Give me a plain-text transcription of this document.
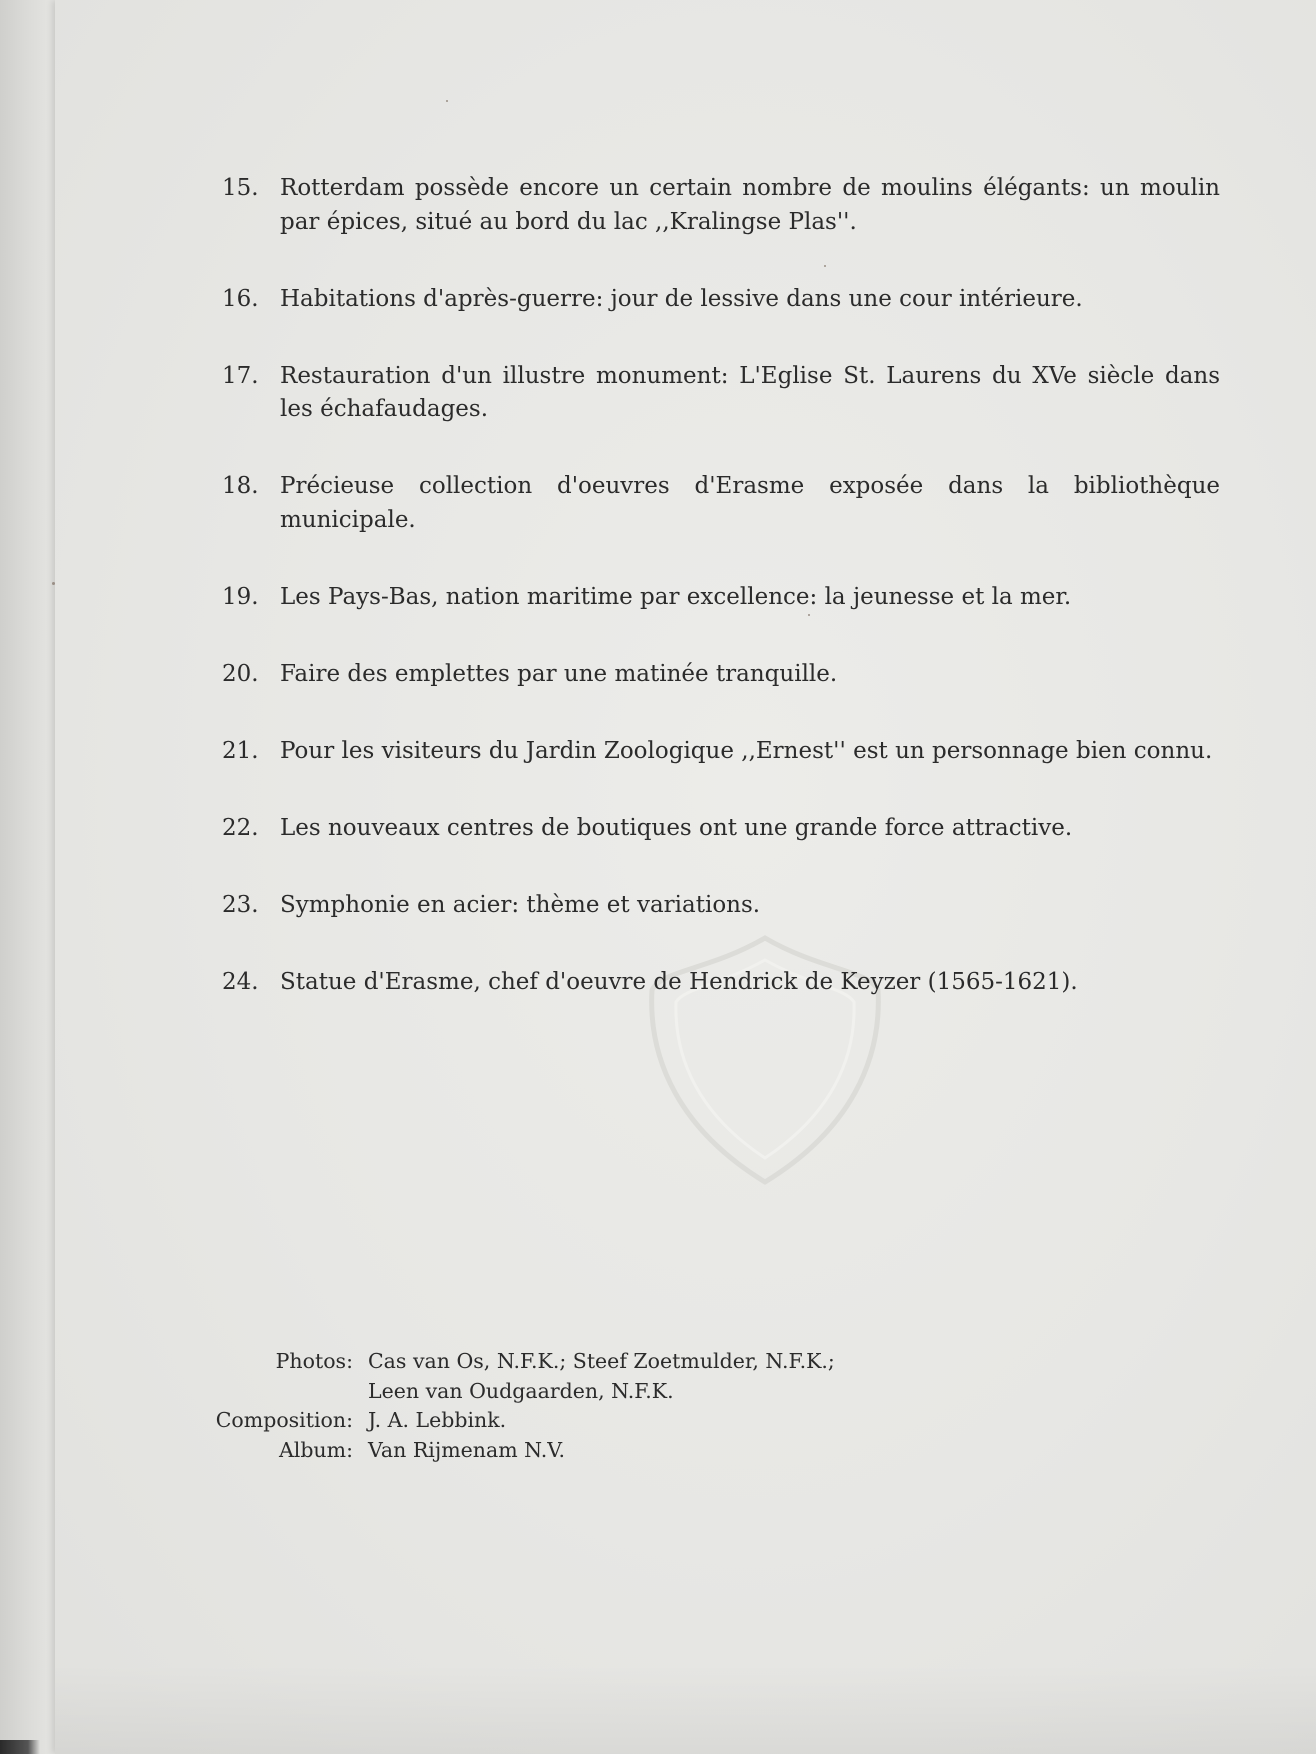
15. Rotterdam possède encore un certain nombre de moulins élégants: un moulin par épices, situé au bord du lac ,,Kralingse Plas''.
16. Habitations d'après-guerre: jour de lessive dans une cour intérieure.
17. Restauration d'un illustre monument: L'Eglise St. Laurens du XVe siècle dans les échafaudages.
18. Précieuse collection d'oeuvres d'Erasme exposée dans la bibliothèque municipale.
19. Les Pays-Bas, nation maritime par excellence: la jeunesse et la mer.
20. Faire des emplettes par une matinée tranquille.
21. Pour les visiteurs du Jardin Zoologique ,,Ernest'' est un personnage bien connu.
22. Les nouveaux centres de boutiques ont une grande force attractive.
23. Symphonie en acier: thème et variations.
24. Statue d'Erasme, chef d'oeuvre de Hendrick de Keyzer (1565-1621).
Photos: Cas van Os, N.F.K.; Steef Zoetmulder, N.F.K.;
Leen van Oudgaarden, N.F.K.
Composition: J. A. Lebbink.
Album: Van Rijmenam N.V.
